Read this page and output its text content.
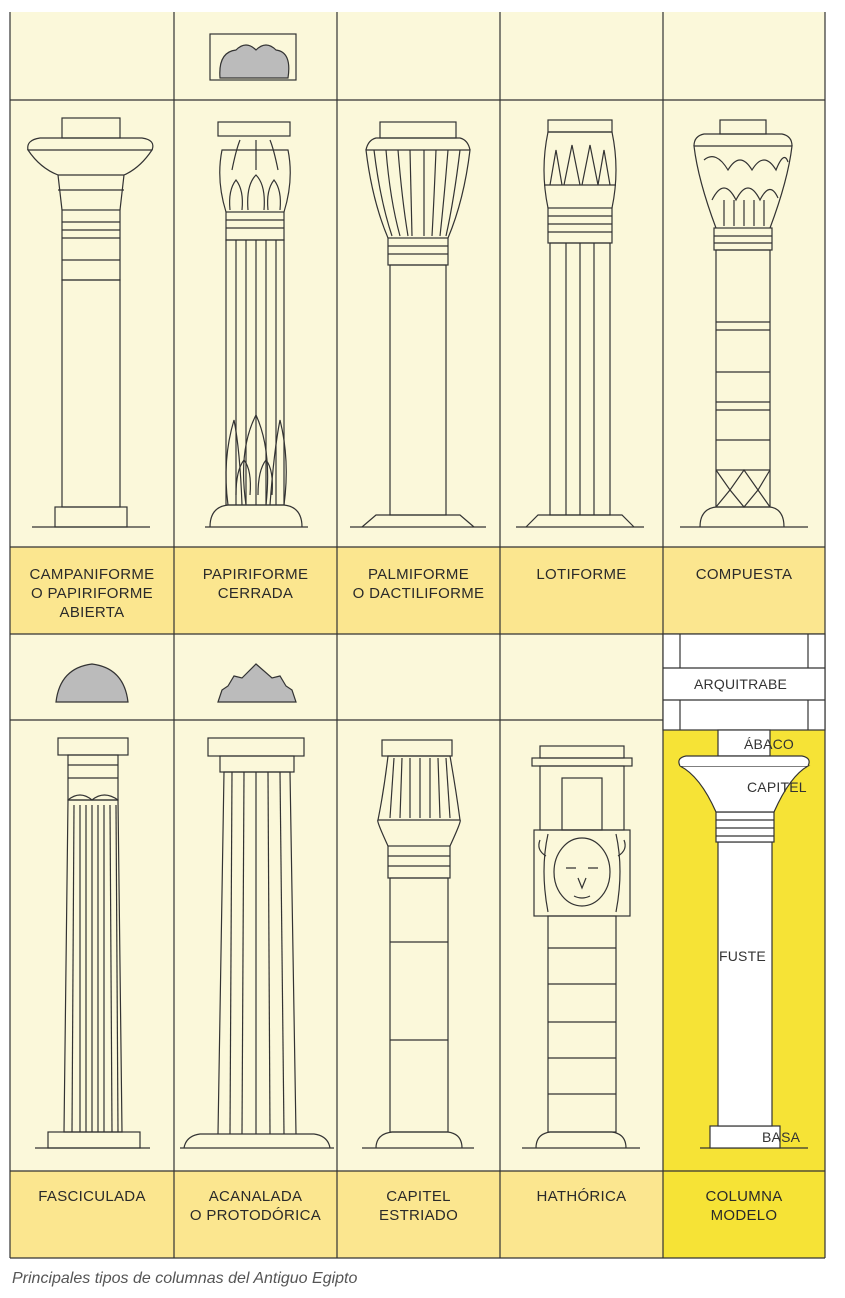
CAMPANIFORME
O PAPIRIFORME
ABIERTA
PAPIRIFORME
CERRADA
PALMIFORME
O DACTILIFORME
LOTIFORME	COMPUESTA
FASCICULADA	ACANALADA
O PROTODÓRICA
CAPITEL
ESTRIADO
HATHÓRICA	COLUMNA
MODELO
ARQUITRABE
ÁBACO
CAPITEL
FUSTE
BASA
Principales tipos de columnas del Antiguo Egipto
